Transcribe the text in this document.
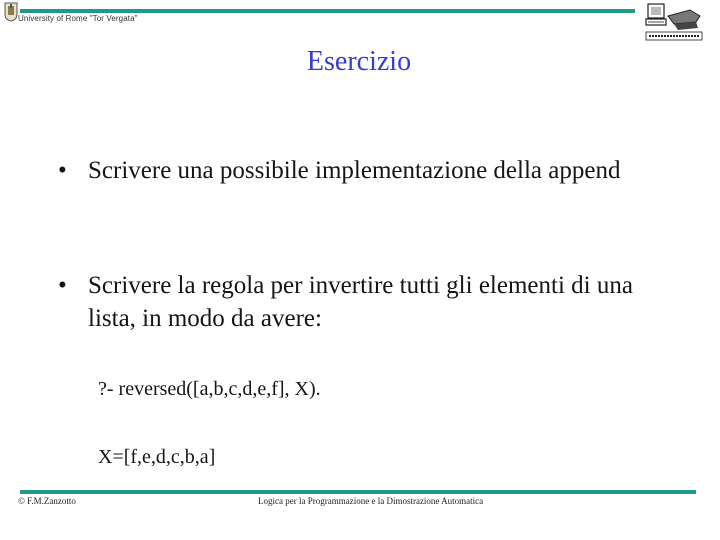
University of Rome "Tor Vergata"
Esercizio
• Scrivere una possibile implementazione della append
• Scrivere la regola per invertire tutti gli elementi di una lista, in modo da avere:
?- reversed([a,b,c,d,e,f], X).
X=[f,e,d,c,b,a]
© F.M.Zanzotto	Logica per la Programmazione e la Dimostrazione Automatica
